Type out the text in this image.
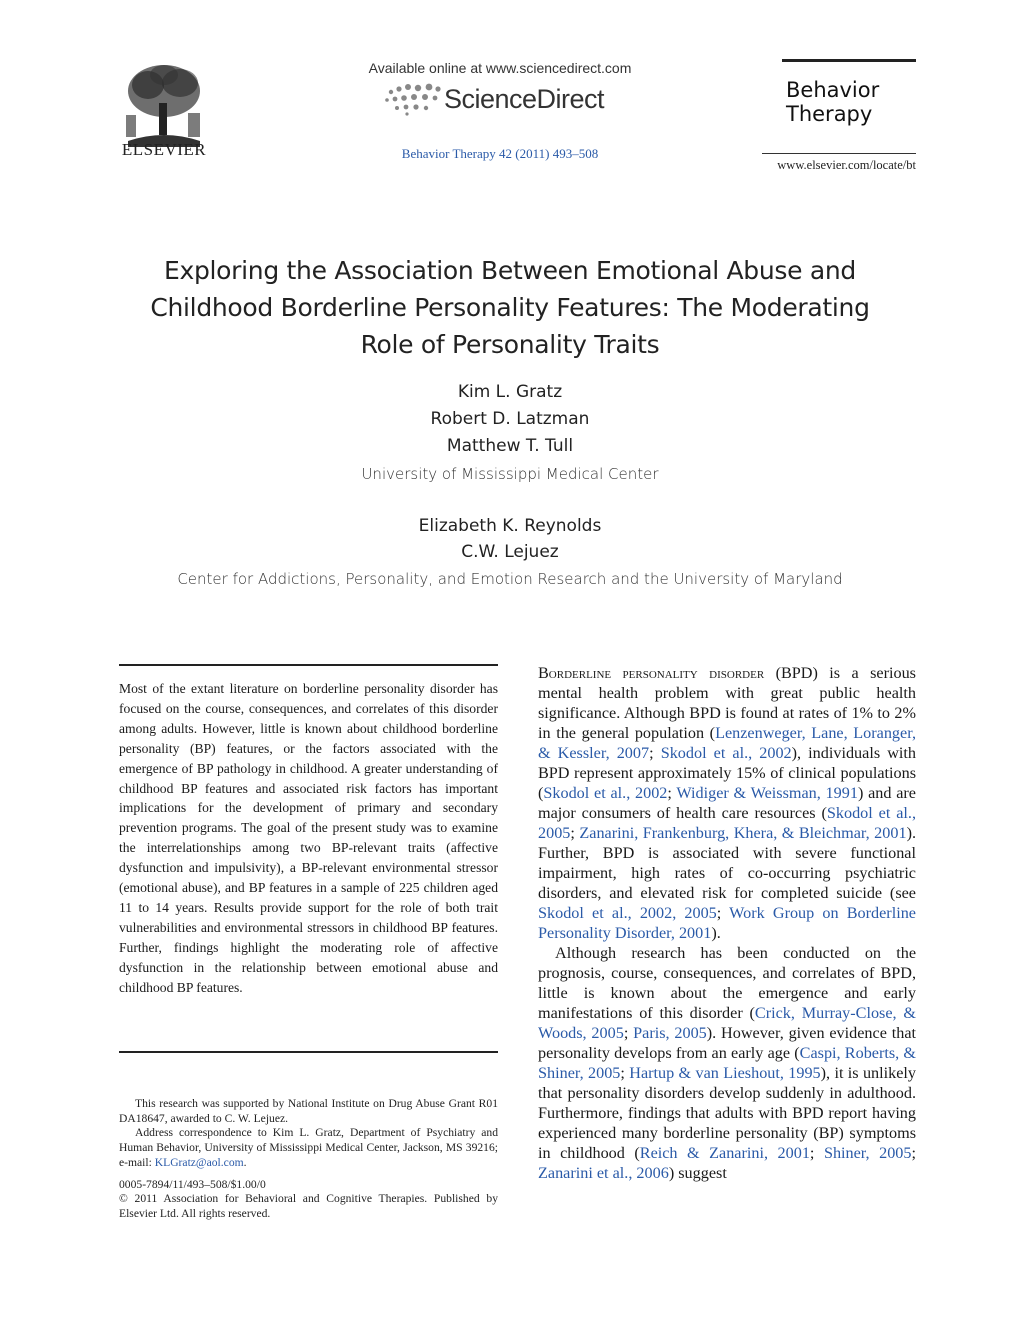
ELSEVIER
Available online at www.sciencedirect.com
ScienceDirect
Behavior Therapy 42 (2011) 493–508
Behavior
Therapy
www.elsevier.com/locate/bt
Exploring the Association Between Emotional Abuse and
Childhood Borderline Personality Features: The Moderating
Role of Personality Traits
Kim L. Gratz
Robert D. Latzman
Matthew T. Tull
University of Mississippi Medical Center
Elizabeth K. Reynolds
C.W. Lejuez
Center for Addictions, Personality, and Emotion Research and the University of Maryland
Most of the extant literature on borderline personality disorder has focused on the course, consequences, and correlates of this disorder among adults. However, little is known about childhood borderline personality (BP) features, or the factors associated with the emergence of BP pathology in childhood. A greater understanding of childhood BP features and associated risk factors has important implications for the development of primary and secondary prevention programs. The goal of the present study was to examine the interrelationships among two BP-relevant traits (affective dysfunction and impulsivity), a BP-relevant environmental stressor (emotional abuse), and BP features in a sample of 225 children aged 11 to 14 years. Results provide support for the role of both trait vulnerabilities and environmental stressors in childhood BP features. Further, findings highlight the moderating role of affective dysfunction in the relationship between emotional abuse and childhood BP features.

This research was supported by National Institute on Drug Abuse Grant R01 DA18647, awarded to C. W. Lejuez.

Address correspondence to Kim L. Gratz, Department of Psychiatry and Human Behavior, University of Mississippi Medical Center, Jackson, MS 39216; e-mail: KLGratz@aol.com.

0005-7894/11/493–508/$1.00/0

© 2011 Association for Behavioral and Cognitive Therapies. Published by Elsevier Ltd. All rights reserved.

Borderline personality disorder (BPD) is a serious mental health problem with great public health significance. Although BPD is found at rates of 1% to 2% in the general population (Lenzenweger, Lane, Loranger, & Kessler, 2007; Skodol et al., 2002), individuals with BPD represent approximately 15% of clinical populations (Skodol et al., 2002; Widiger & Weissman, 1991) and are major consumers of health care resources (Skodol et al., 2005; Zanarini, Frankenburg, Khera, & Bleichmar, 2001). Further, BPD is associated with severe functional impairment, high rates of co-occurring psychiatric disorders, and elevated risk for completed suicide (see Skodol et al., 2002, 2005; Work Group on Borderline Personality Disorder, 2001).

Although research has been conducted on the prognosis, course, consequences, and correlates of BPD, little is known about the emergence and early manifestations of this disorder (Crick, Murray-Close, & Woods, 2005; Paris, 2005). However, given evidence that personality develops from an early age (Caspi, Roberts, & Shiner, 2005; Hartup & van Lieshout, 1995), it is unlikely that personality disorders develop suddenly in adulthood. Furthermore, findings that adults with BPD report having experienced many borderline personality (BP) symptoms in childhood (Reich & Zanarini, 2001; Shiner, 2005; Zanarini et al., 2006) suggest
